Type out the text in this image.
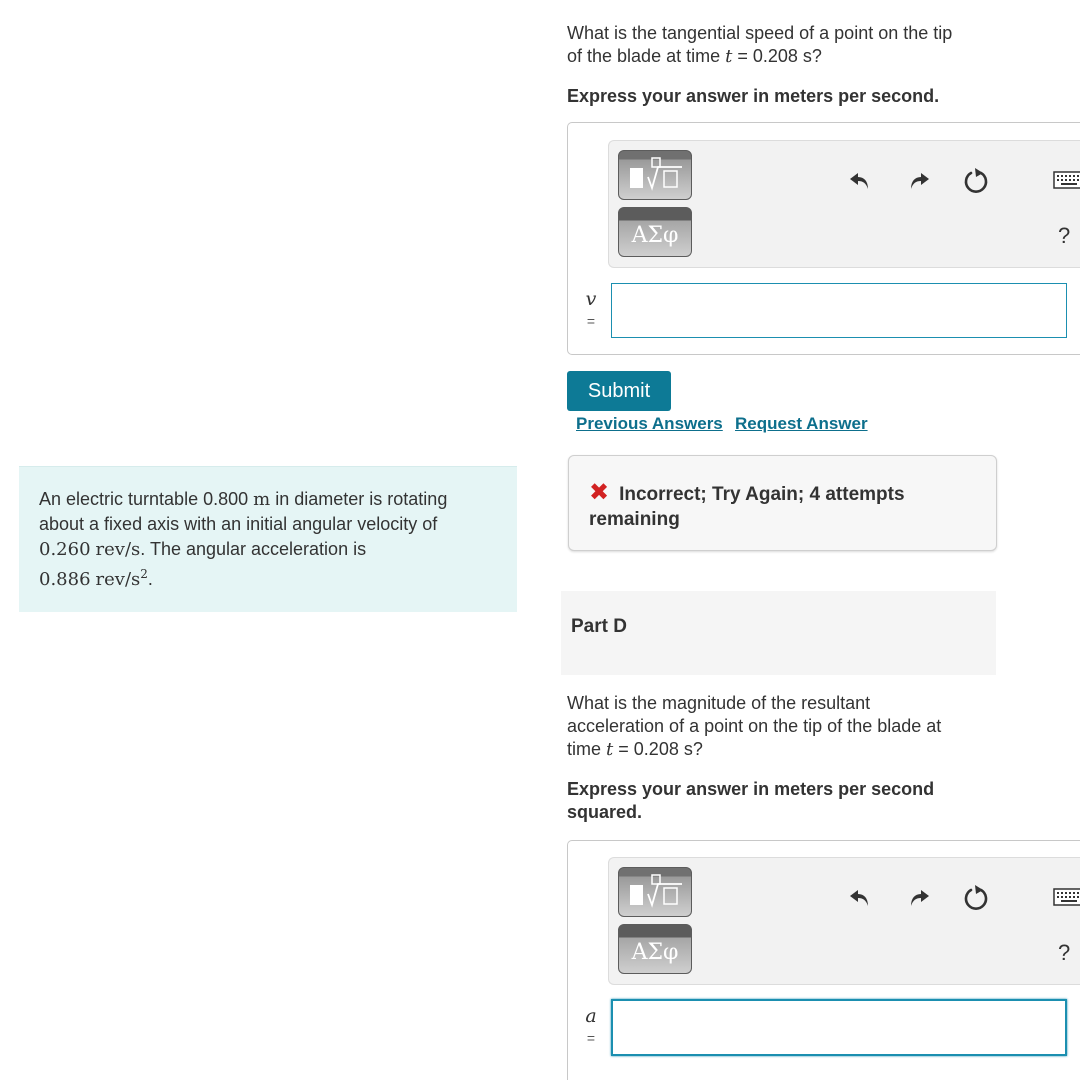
An electric turntable 0.800 m in diameter is rotating
about a fixed axis with an initial angular velocity of
0.260 rev/s. The angular acceleration is
0.886 rev/$s^2$.
What is the tangential speed of a point on the tip
of the blade at time t = 0.208 s?
Express your answer in meters per second.
ΑΣφ	?
v
=
Submit
Previous Answers Request Answer
✖ Incorrect; Try Again; 4 attempts
remaining
Part D
What is the magnitude of the resultant
acceleration of a point on the tip of the blade at
time t = 0.208 s?
Express your answer in meters per second
squared.
ΑΣφ	?
a
=
